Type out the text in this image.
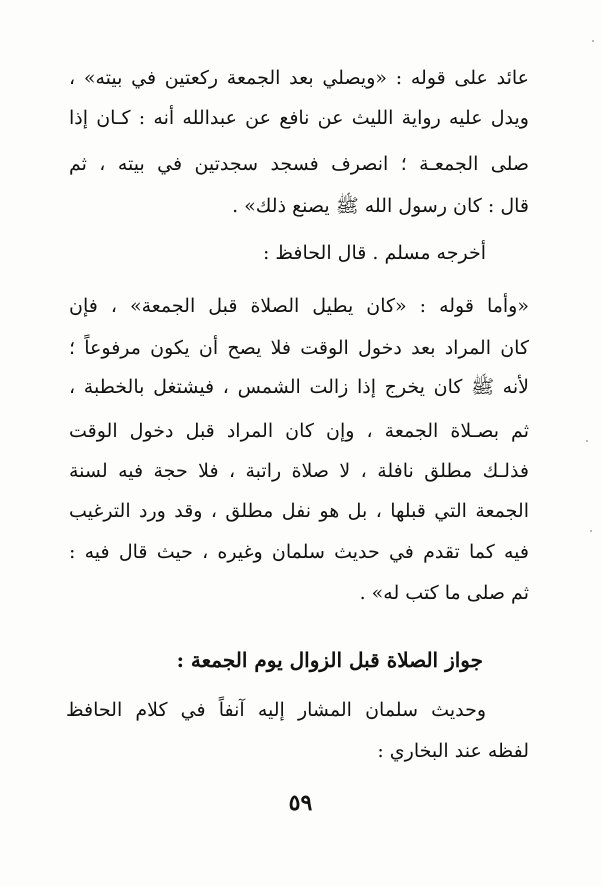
عائد على قوله : «ويصلي بعد الجمعة ركعتين في بيته» ،
ويدل عليه رواية الليث عن نافع عن عبدالله أنه : كـان إذا
صلى الجمعـة ؛ انصرف فسجد سجدتين في بيته ، ثم
قال : كان رسول الله ﷺ يصنع ذلك» .
أخرجه مسلم . قال الحافظ :
«وأما قوله : «كان يطيل الصلاة قبل الجمعة» ، فإن
كان المراد بعد دخول الوقت فلا يصح أن يكون مرفوعاً ؛
لأنه ﷺ كان يخرج إذا زالت الشمس ، فيشتغل بالخطبة ،
ثم بصـلاة الجمعة ، وإن كان المراد قبل دخول الوقت
فذلـك مطلق نافلة ، لا صلاة راتبة ، فلا حجة فيه لسنة
الجمعة التي قبلها ، بل هو نفل مطلق ، وقد ورد الترغيب
فيه كما تقدم في حديث سلمان وغيره ، حيث قال فيه :
ثم صلى ما كتب له» .
جواز الصلاة قبل الزوال يوم الجمعة :
وحديث سلمان المشار إليه آنفاً في كلام الحافظ
لفظه عند البخاري :
٥٩
